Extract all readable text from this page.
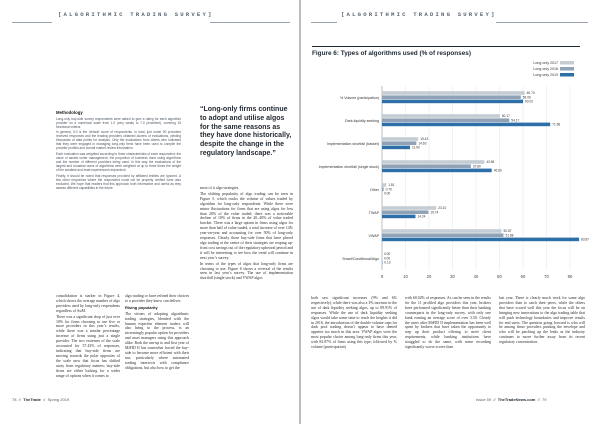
[ALGORITHMIC TRADING SURVEY]
Methodology

Long-only buy-side survey respondents were asked to give a rating for each algorithm provider on a numerical scale from 1.0 (very weak) to 7.0 (excellent), covering 15 functional criteria.

In general, 5.0 is the ‘default’ score of respondents. In total, just under 90 providers received responses and the leading providers obtained dozens of evaluations, yielding thousands of data points for analysis. Only the evaluations from clients who indicated that they were engaged in managing long-only firms have been used to compile the provider profiles and overall market review information.

Each evaluation was weighted according to three characteristics of each respondent: the value of assets under management, the proportion of business done using algorithms and the number of different providers being used. In this way the evaluations of the largest and broadest users of algorithms were weighted at up to three times the weight of the smallest and least experienced respondent.

Finally, it should be noted that responses provided by affiliated entities are ignored. A few other responses where the respondent could not be properly verified were also excluded. We hope that readers find this approach both informative and useful as they assess different capabilities in the future.

“Long-only firms continue to adopt and utilise algos for the same reasons as they have done historically, despite the change in the regulatory landscape.”

consolidation is starker in Figure 4, which shows the average number of algo providers used by long-only respondents regardless of AuM.

There was a significant drop of just over 10% for firms choosing to use five or more providers in this year’s results, while there was a similar percentage increase of firms using just a single provider. The two extremes of the scale accounted for 57.43% of responses, indicating that buy-side firms are moving towards the polar opposites of the scale now that focus has shifted away from regulatory matters; buy-side firms are either looking for a wider range of options when it comes to

algo trading or have refined their choices to a provider they know can deliver.

Rising popularity

The virtues of adopting algorithmic trading strategies, blended with the human expertise element traders will also bring to the process, is an increasingly popular option for providers and asset managers using this approach alike. Both the run-up to and first year of MiFID II has somewhat forced the buy-side to become more efficient with their use, particularly where automated trading intersects with compliance obligations, but also how to get the

most of it algo strategies.

The shifting popularity of algo trading can be seen in Figure 5, which tracks the volume of values traded by algorithm for long-only respondents. While there were minor fluctuations for firms that are using algos for less than 20% of the value traded, there was a noticeable decline of 10% of firms in the 20–40% of value traded bracket. There was a large upturn in firms using algos for more than half of value traded, a total increase of over 14% year-on-year and accounting for over 50% of long-only responses. Clearly those buy-side firms that have placed algo trading at the centre of their strategies are reaping up-front cost savings out of the regulatory upheaval period and it will be interesting to see how the trend will continue in next year’s survey.

In terms of the types of algos that long-only firms are choosing to use, Figure 6 shows a reversal of the results seen in last year’s survey. The use of implementation shortfall (single stock) and VWAP algos

78  //  TheTrade  //  Spring 2019
[ALGORITHMIC TRADING SURVEY]

both saw significant increases (9% and 6% respectively), while there was also a 3% increase in the use of dark liquidity seeking algos, up to 89.91% of responses. While the use of dark liquidity seeking algos would take some time to reach the heights it did in 2016, the introduction of the double volume caps for dark pool trading doesn’t appear to have dented appetite too much in this area. VWAP algos were the most popular choice among long-only firms this year, with 83.87% of firms using this type, followed by % volume (participation)

with 60.02% of responses. As can be seen in the results for the 11 profiled algo providers this year, brokers have performed significantly better than their banking counterparts in the long-only survey, with only one bank earning an average score of over 5.50. Clearly the users after MiFID II implementation has been well spent by brokers that have taken the opportunity to step up their product offering to meet client requirements, while banking institutions have struggled to do the same, with some recording significantly worse scores than

last year. There is clearly much work for some algo providers than to catch their peers, while the others that have scored well this year the focus will be on bringing new innovations to the algo trading table that will push technology boundaries and improve results for end users. The question going forward is who will be among those providers pushing the envelope and who will be patching up the leaks as the industry continues to move further away from its recent regulatory concentration.

Issue 59  //  TheTradeNews.com  //  79
Figure 6: Types of algorithms used (% of responses)
0	10	20	30	40	50	60	70	80
% Volume (participation)
60.70
59.06
60.02
Dark liquidity seeking
50.17
54.17
71.58
Implementation shortfall (basket)
15.43
14.63
11.90
Implementation shortfall (single stock)
43.55
37.80
46.69
Other
1.81
0.70
0.00
TWAP
23.10
19.74
14.24
VWAP
50.87
51.68
83.87
Smart/Conditional/Algo
0.00
0.00
0.13
Long only 2017
Long only 2018
Long only 2019
